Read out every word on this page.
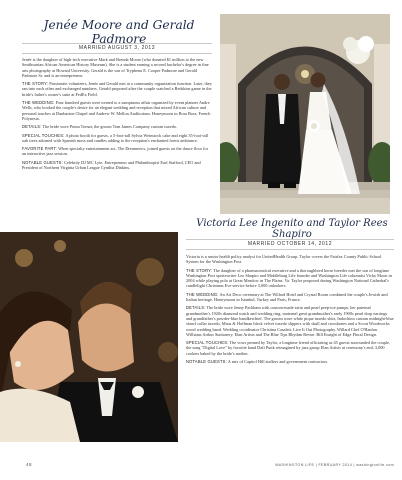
Jenée Moore and Gerald Padmore
MARRIED AUGUST 3, 2013

Jenée is the daughter of high-tech executive Mark and Brenda Moore (who donated $1 million to the new Smithsonian African American History Museum). She is a student earning a second bachelor's degree in fine arts photography at Howard University. Gerald is the son of Tryphena E. Cooper Padmore and Gerald Padmore Sr. and is an entrepreneur.

THE STORY: Passionate volunteers, Jenée and Gerald met at a community organization function. Later, they ran into each other and exchanged numbers. Gerald proposed after the couple watched a Redskins game in the bride's father's owner's suite at FedEx Field.

THE WEDDING: Four hundred guests were treated to a sumptuous affair organized by event planner Andre Wells, who booked the couple's desire for an elegant wedding and reception that mixed African culture and personal touches at Dunbarton Chapel and Andrew W. Mellon Auditorium. Honeymoon in Bora Bora, French Polynesia.

DETAILS: The bride wore Pnina Tornai; the groom Tom James Company custom tuxedo.

SPECIAL TOUCHES: A photo booth for guests, a 5-foot-tall Sylvia Weinstock cake and eight 35-foot-tall oak trees adorned with Spanish moss and candles adding to the reception's enchanted forest ambiance.

FAVORITE PART: When specialty entertainment act, The Dreamerics, joined guests on the dance floor for an interactive jazz session.

NOTABLE GUESTS: Celebrity DJ MC Lyte, Entrepreneur and Philanthropist Earl Stafford, CEO and President of Northern Virginia Urban League Cynthia Dinkins.

Victoria Lee Ingenito and Taylor Rees Shapiro
MARRIED OCTOBER 14, 2012

Victoria is a senior health policy analyst for UnitedHealth Group. Taylor covers the Fairfax County Public School System for the Washington Post.

THE STORY: The daughter of a pharmaceutical executive and a thoroughbred horse breeder met the son of longtime Washington Post sportswriter Leo Shapiro and Middleburg Life founder and Washington Life columnist Vicky Moon in 2004 while playing polo at Great Meadow in The Plains. Va. Taylor proposed during Washington National Cathedral's candlelight Christmas Eve service before 3,000 onlookers.

THE WEDDING: An Art Deco ceremony at The Willard Hotel and Crystal Room combined the couple's Jewish and Italian heritage. Honeymoon in Istanbul, Turkey and Paris, France.

DETAILS: The bride wore Jenny Packham with custom-made satin and pearl peep-toe pumps, her paternal grandmother's 1920s diamond watch and wedding ring, maternal great grandmother's early 1900s pearl drop earrings and grandfather's powder-blue handkerchief. The groom wore white pique tuxedo shirt, Indochino custom midnight-blue shawl collar tuxedo, Maus & Hoffman black velvet tuxedo slippers with skull and crossbones and a Scout Woodworks wood wedding band. Wedding coordinator Christina Casalett. Live It Out Photography. Willard Chef O'Hanlan. Williams Arthur Stationery. Elan Artists and The Blue Tips Rhythm Revue. Bill Enright of Edge Floral Design.

SPECIAL TOUCHES: The vows penned by Taylor, a longtime friend officiating as 45 guests surrounded the couple, the song "Digital Love" by favorite band Daft Punk reimagined by jazz group Elan Artists at ceremony's end, 3,000 cookies baked by the bride's mother.

NOTABLE GUESTS: A mix of Capitol Hill staffers and government contractors.

48	WASHINGTON LIFE | FEBRUARY 2014 | washingtonlife.com
